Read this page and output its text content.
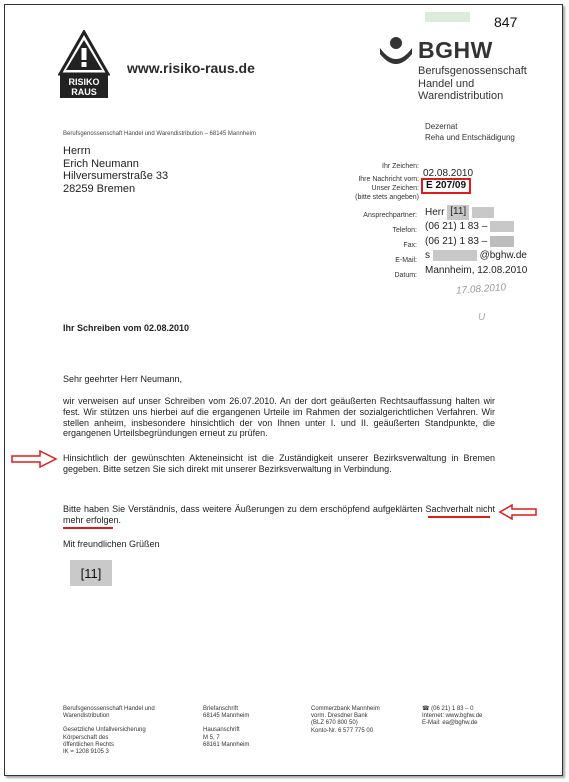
847
RISIKO
RAUS
www.risiko-raus.de
BGHW
Berufsgenossenschaft
Handel und
Warendistribution
Berufsgenossenschaft Handel und Warendistribution – 68145 Mannheim
Dezernat
Reha und Entschädigung
Herrn
Erich Neumann
Hilversumerstraße 33
28259 Bremen
Ihr Zeichen:
Ihre Nachricht vom:
Unser Zeichen:
(bitte stets angeben)
02.08.2010
E 207/09
Ansprechpartner:
Telefon:
Fax:
E-Mail:
Datum:
Herr [11]
(06 21) 1 83 –
(06 21) 1 83 –
s	@bghw.de
Mannheim, 12.08.2010
17.08.2010
U
Ihr Schreiben vom 02.08.2010
Sehr geehrter Herr Neumann,
wir verweisen auf unser Schreiben vom 26.07.2010. An der dort geäußerten Rechtsauffassung halten wir fest. Wir stützen uns hierbei auf die ergangenen Urteile im Rahmen der sozialgerichtlichen Verfahren. Wir stellen anheim, insbesondere hinsichtlich der von Ihnen unter I. und II. geäußerten Standpunkte, die ergangenen Urteilsbegründungen erneut zu prüfen.
Hinsichtlich der gewünschten Akteneinsicht ist die Zuständigkeit unserer Bezirksverwaltung in Bremen gegeben. Bitte setzen Sie sich direkt mit unserer Bezirksverwaltung in Verbindung.
Bitte haben Sie Verständnis, dass weitere Äußerungen zu dem erschöpfend aufgeklärten Sachverhalt nicht mehr erfolgen.
Mit freundlichen Grüßen
[11]
Berufsgenossenschaft Handel und
Warendistribution
Gesetzliche Unfallversicherung
Körperschaft des
öffentlichen Rechts
IK = 1208 9105 3
Briefanschrift
68145 Mannheim
Hausanschrift
M 5, 7
68161 Mannheim
Commerzbank Mannheim
vorm. Dresdner Bank
(BLZ 670 800 50)
Konto-Nr. 6 577 775 00
☎ (06 21) 1 83 – 0
Internet: www.bghw.de
E-Mail: ea@bghw.de
